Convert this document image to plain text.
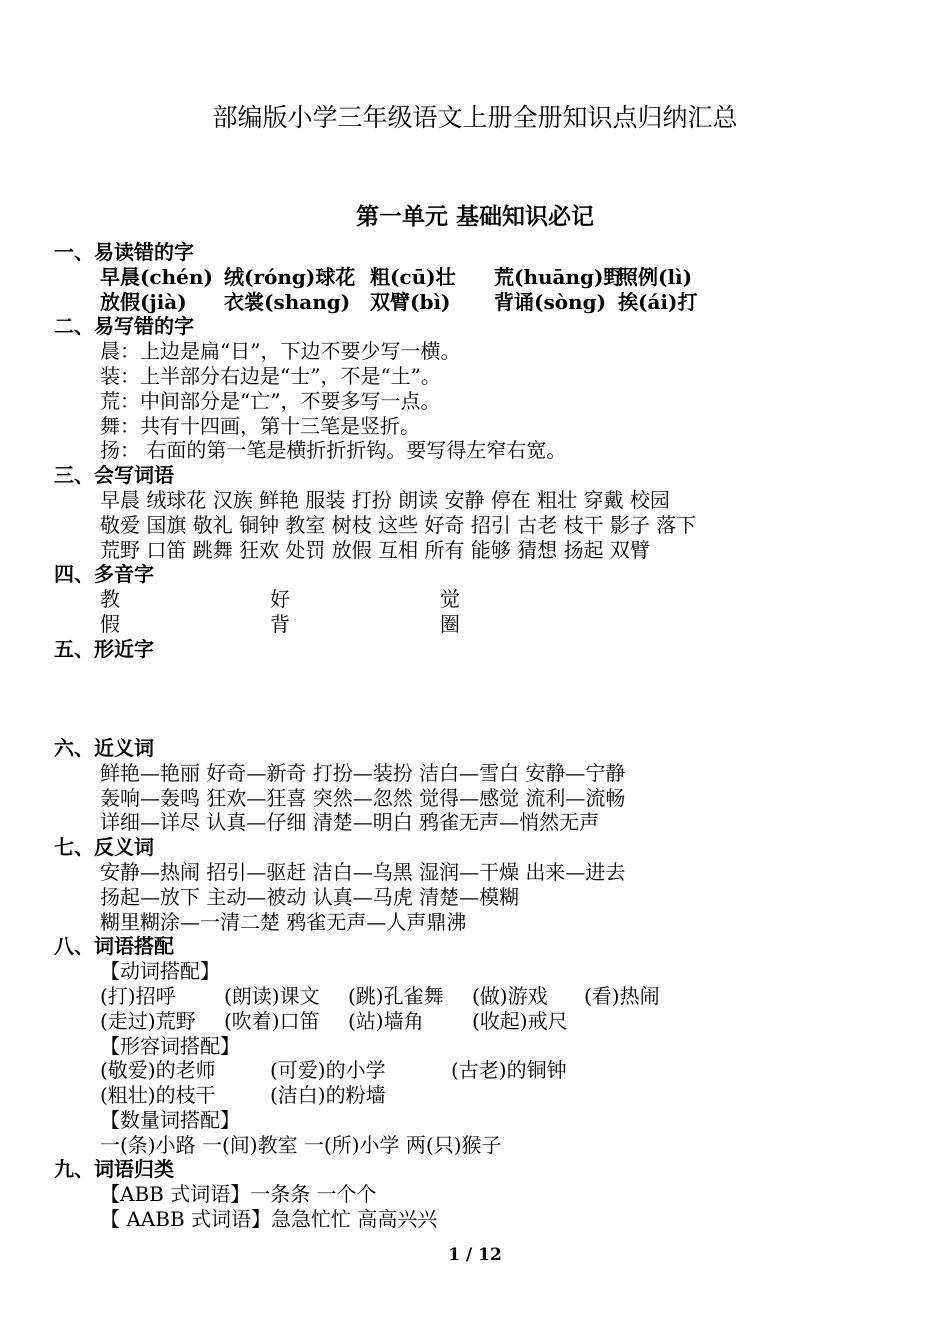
部编版小学三年级语文上册全册知识点归纳汇总
第一单元 基础知识必记
一、易读错的字
早晨(chén) 绒(róng)球花 粗(cū)壮 荒(huāng)野照例(lì)
放假(jià) 衣裳(shang) 双臂(bì) 背诵(sòng) 挨(ái)打
二、易写错的字
晨：上边是扁“日”，下边不要少写一横。
装：上半部分右边是“士”，不是“土”。
荒：中间部分是“亡”，不要多写一点。
舞：共有十四画，第十三笔是竖折。
扬： 右面的第一笔是横折折折钩。要写得左窄右宽。
三、会写词语
早晨 绒球花 汉族 鲜艳 服装 打扮 朗读 安静 停在 粗壮 穿戴 校园
敬爱 国旗 敬礼 铜钟 教室 树枝 这些 好奇 招引 古老 枝干 影子 落下
荒野 口笛 跳舞 狂欢 处罚 放假 互相 所有 能够 猜想 扬起 双臂
四、多音字
教	好	觉
假	背	圈
五、形近字
六、近义词
鲜艳—艳丽 好奇—新奇 打扮—装扮 洁白—雪白 安静—宁静
轰响—轰鸣 狂欢—狂喜 突然—忽然 觉得—感觉 流利—流畅
详细—详尽 认真—仔细 清楚—明白 鸦雀无声—悄然无声
七、反义词
安静—热闹 招引—驱赶 洁白—乌黑 湿润—干燥 出来—进去
扬起—放下 主动—被动 认真—马虎 清楚—模糊
糊里糊涂—一清二楚 鸦雀无声—人声鼎沸
八、词语搭配
【动词搭配】
(打)招呼 (朗读)课文 (跳)孔雀舞 (做)游戏 (看)热闹
(走过)荒野 (吹着)口笛 (站)墙角 (收起)戒尺
【形容词搭配】
(敬爱)的老师	(可爱)的小学	(古老)的铜钟
(粗壮)的枝干	(洁白)的粉墙
【数量词搭配】
一(条)小路 一(间)教室 一(所)小学 两(只)猴子
九、词语归类
【ABB 式词语】一条条 一个个
【 AABB 式词语】急急忙忙 高高兴兴
1 / 12
